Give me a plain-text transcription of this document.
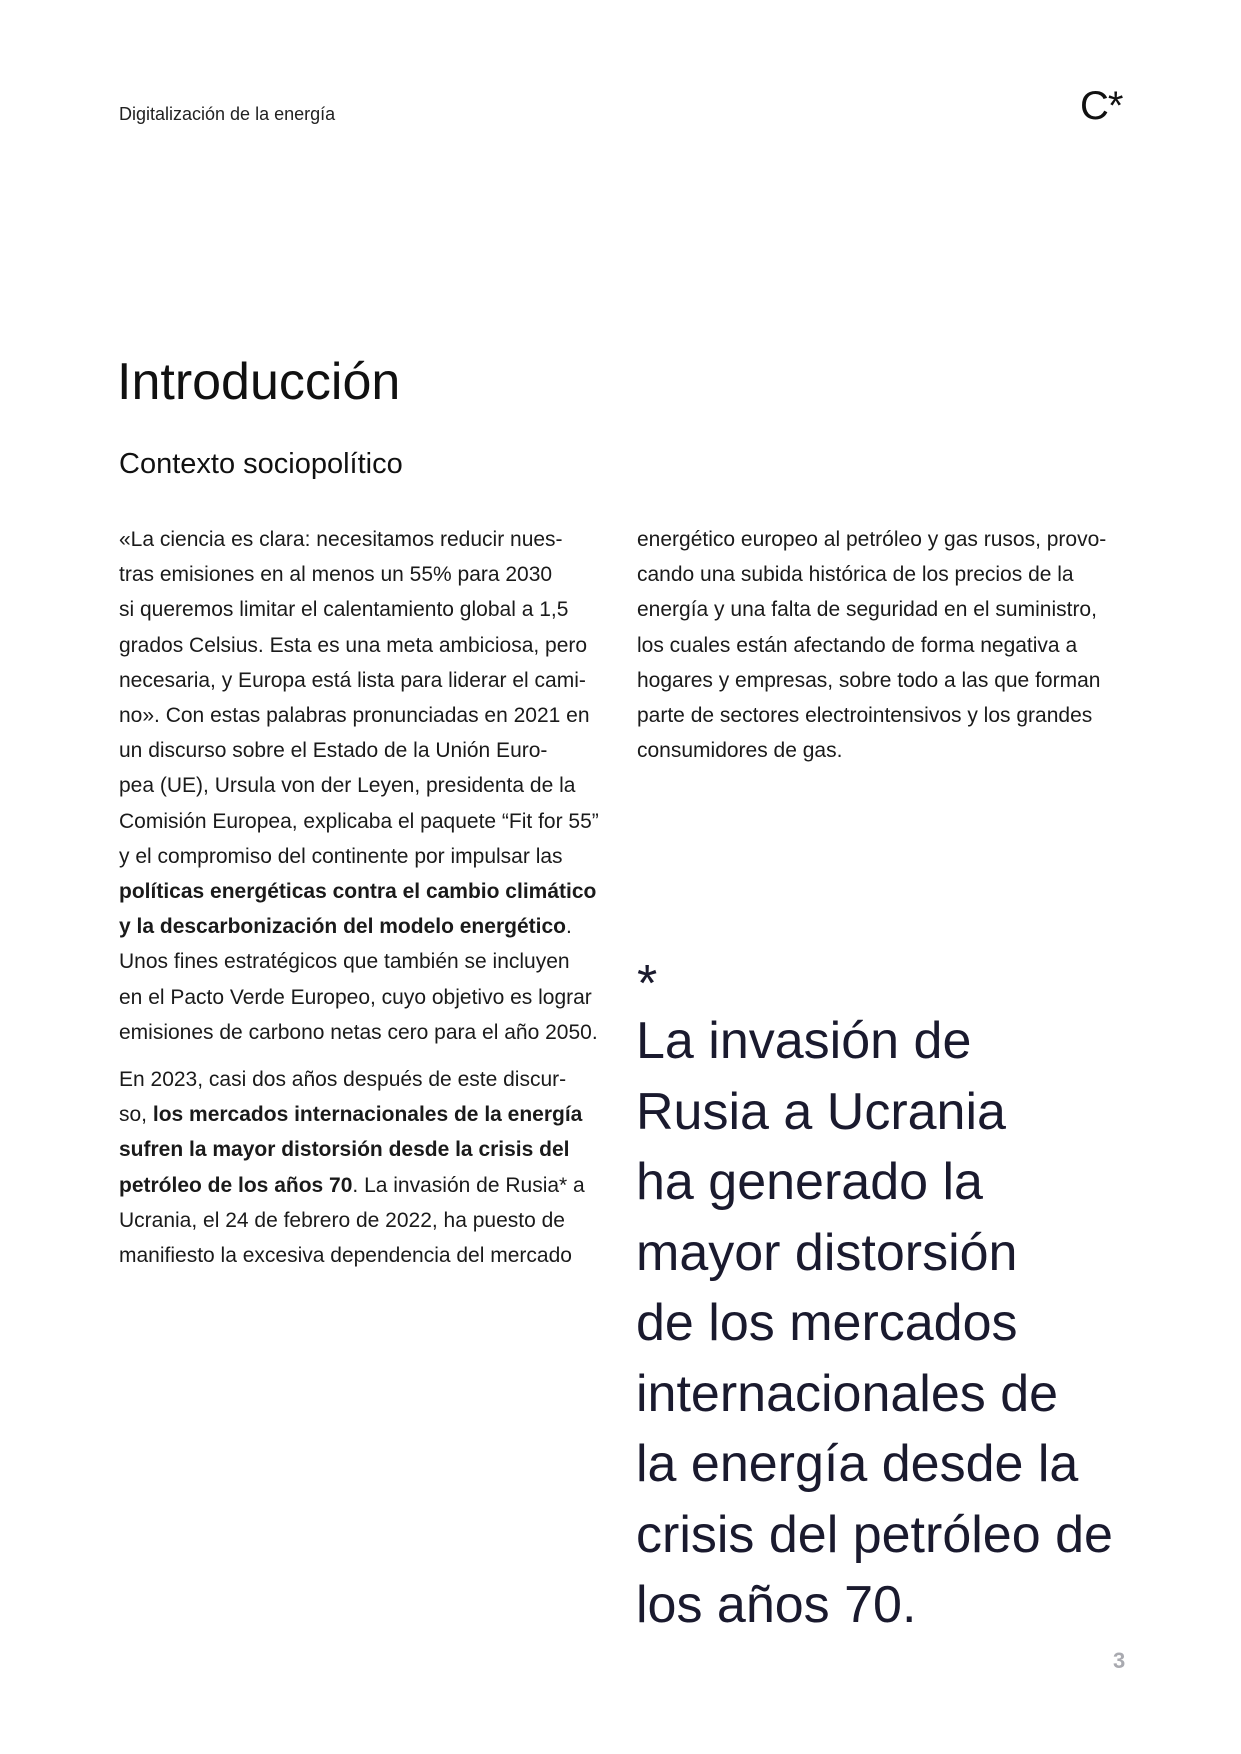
Digitalización de la energía	C*
Introducción
Contexto sociopolítico
«La ciencia es clara: necesitamos reducir nues-
tras emisiones en al menos un 55% para 2030
si queremos limitar el calentamiento global a 1,5
grados Celsius. Esta es una meta ambiciosa, pero
necesaria, y Europa está lista para liderar el cami-
no». Con estas palabras pronunciadas en 2021 en
un discurso sobre el Estado de la Unión Euro-
pea (UE), Ursula von der Leyen, presidenta de la
Comisión Europea, explicaba el paquete “Fit for 55”
y el compromiso del continente por impulsar las
políticas energéticas contra el cambio climático
y la descarbonización del modelo energético.
Unos fines estratégicos que también se incluyen
en el Pacto Verde Europeo, cuyo objetivo es lograr
emisiones de carbono netas cero para el año 2050.
En 2023, casi dos años después de este discur-
so, los mercados internacionales de la energía
sufren la mayor distorsión desde la crisis del
petróleo de los años 70. La invasión de Rusia* a
Ucrania, el 24 de febrero de 2022, ha puesto de
manifiesto la excesiva dependencia del mercado
energético europeo al petróleo y gas rusos, provo-
cando una subida histórica de los precios de la
energía y una falta de seguridad en el suministro,
los cuales están afectando de forma negativa a
hogares y empresas, sobre todo a las que forman
parte de sectores electrointensivos y los grandes
consumidores de gas.
*
La invasión de
Rusia a Ucrania
ha generado la
mayor distorsión
de los mercados
internacionales de
la energía desde la
crisis del petróleo de
los años 70.
3
